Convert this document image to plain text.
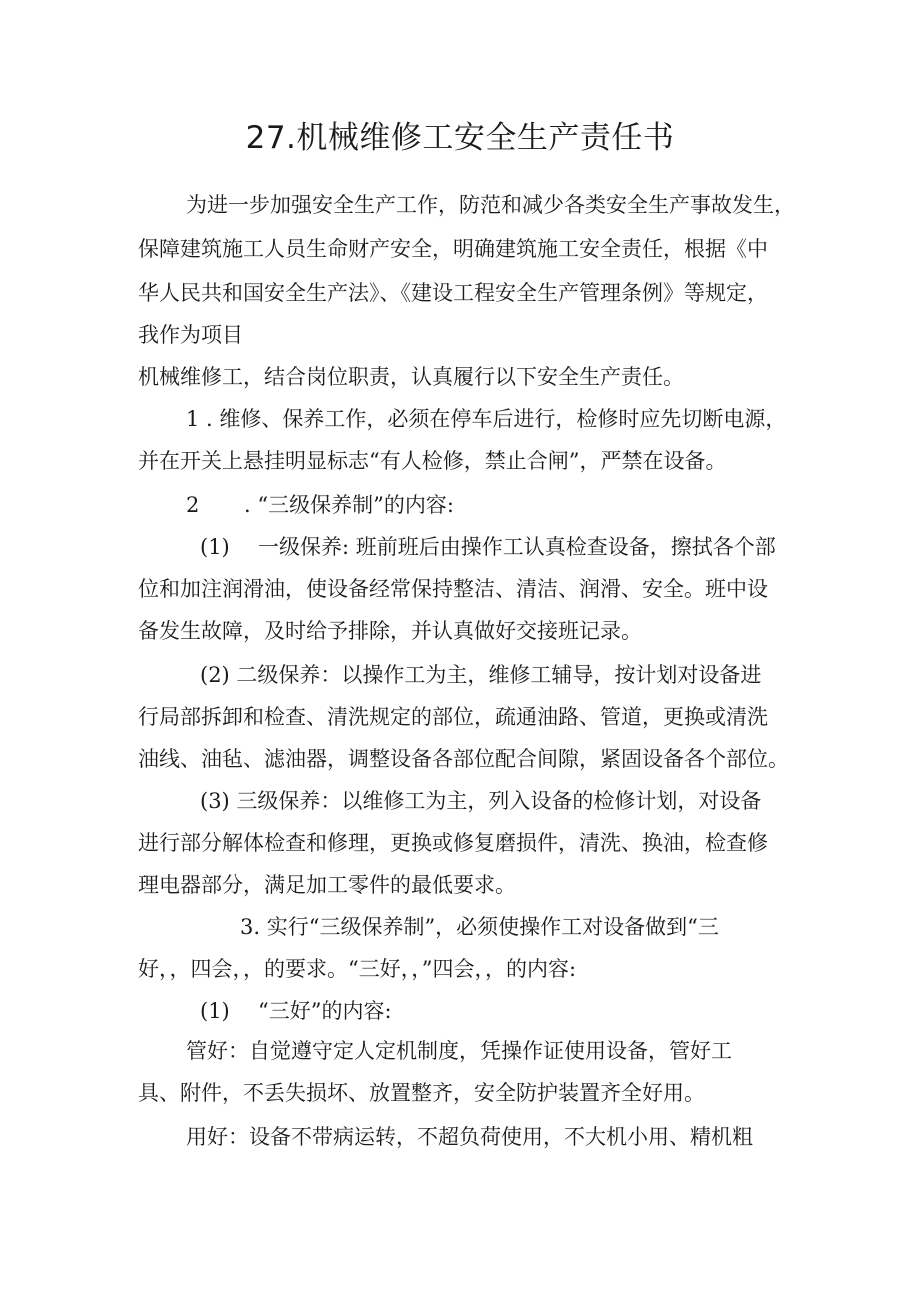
27.机械维修工安全生产责任书

为进一步加强安全生产工作，防范和减少各类安全生产事故发生，

保障建筑施工人员生命财产安全，明确建筑施工安全责任，根据《中

华人民共和国安全生产法》、《建设工程安全生产管理条例》等规定，

我作为项目

机械维修工，结合岗位职责，认真履行以下安全生产责任。

1 . 维修、保养工作，必须在停车后进行，检修时应先切断电源，

并在开关上悬挂明显标志“有人检修，禁止合闸”，严禁在设备。

2 . “三级保养制”的内容:
(1) 一级保养: 班前班后由操作工认真检查设备，擦拭各个部

位和加注润滑油，使设备经常保持整洁、清洁、润滑、安全。班中设

备发生故障，及时给予排除，并认真做好交接班记录。

(2) 二级保养：以操作工为主，维修工辅导，按计划对设备进

行局部拆卸和检查、清洗规定的部位，疏通油路、管道，更换或清洗

油线、油毡、滤油器，调整设备各部位配合间隙，紧固设备各个部位。

(3) 三级保养：以维修工为主，列入设备的检修计划，对设备

进行部分解体检查和修理，更换或修复磨损件，清洗、换油，检查修

理电器部分，满足加工零件的最低要求。

3. 实行“三级保养制”，必须使操作工对设备做到“三

好，，四会，，的要求。“三好，，”四会，，的内容:

(1) “三好”的内容:

管好：自觉遵守定人定机制度，凭操作证使用设备，管好工

具、附件，不丢失损坏、放置整齐，安全防护装置齐全好用。

用好：设备不带病运转，不超负荷使用，不大机小用、精机粗
